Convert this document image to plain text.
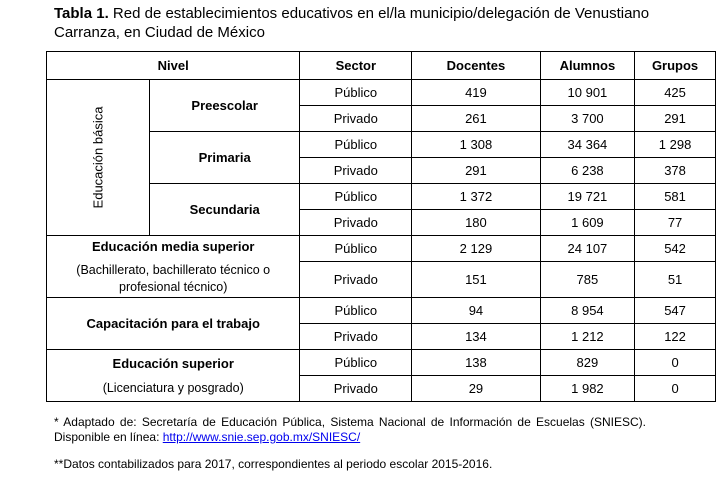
Tabla 1. Red de establecimientos educativos en el/la municipio/delegación de Venustiano Carranza, en Ciudad de México
Nivel		Sector	Docentes	Alumnos	Grupos
Educación básica	Preescolar	Público	419	10 901	425
		Privado	261	3 700	291
	Primaria	Público	1 308	34 364	1 298
		Privado	291	6 238	378
	Secundaria	Público	1 372	19 721	581
		Privado	180	1 609	77
Educación media superior
(Bachillerato, bachillerato técnico o profesional técnico)		Público	2 129	24 107	542
		Privado	151	785	51
Capacitación para el trabajo		Público	94	8 954	547
		Privado	134	1 212	122
Educación superior
(Licenciatura y posgrado)		Público	138	829	0
		Privado	29	1 982	0
* Adaptado de: Secretaría de Educación Pública, Sistema Nacional de Información de Escuelas (SNIESC). Disponible en línea: http://www.snie.sep.gob.mx/SNIESC/
**Datos contabilizados para 2017, correspondientes al periodo escolar 2015-2016.
